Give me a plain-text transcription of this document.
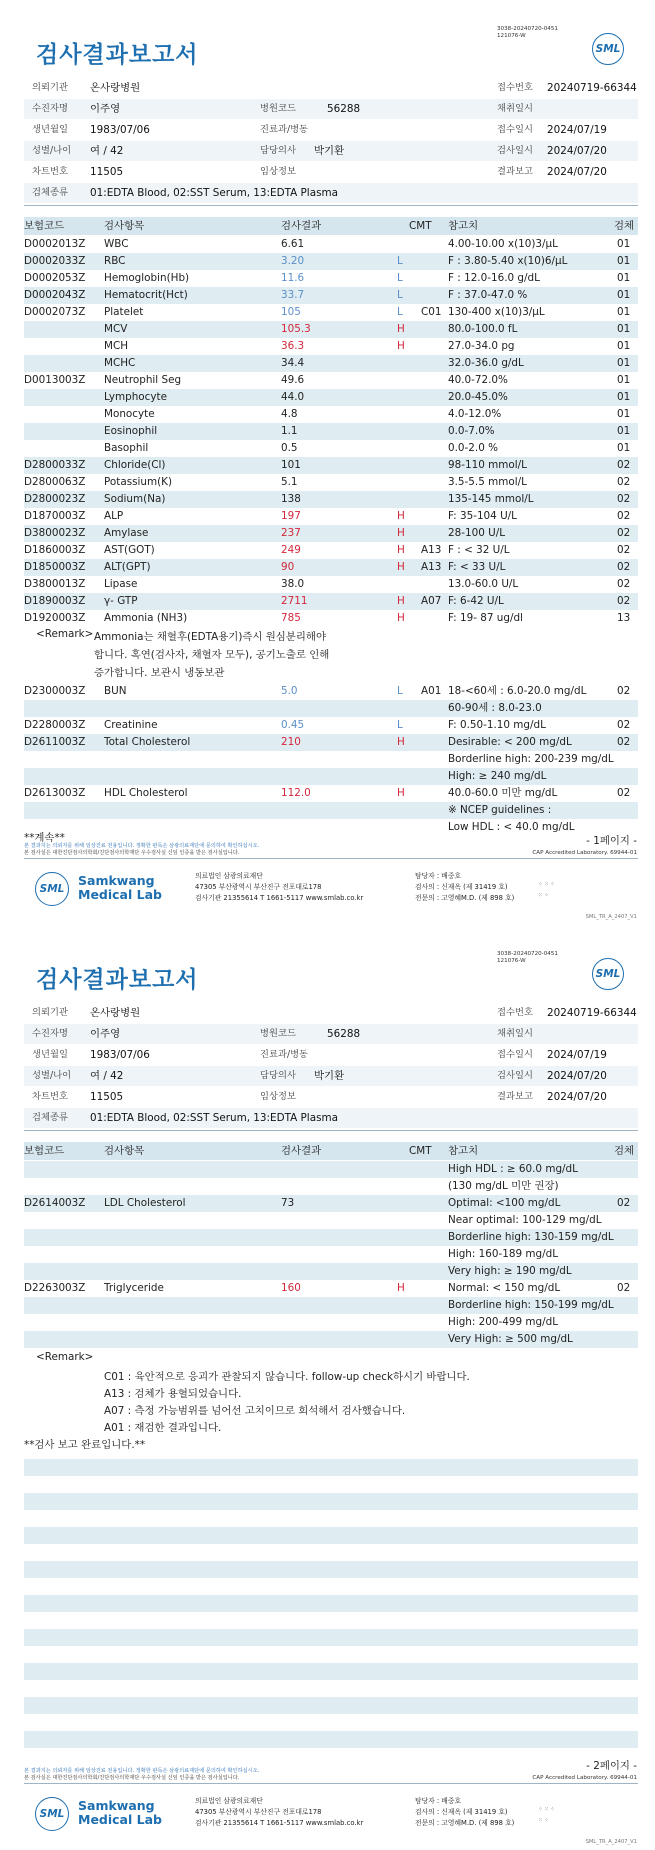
3038-20240720-0451
121076-W
검사결과보고서	SML
의뢰기관 온사랑병원	접수번호 20240719-66344
수진자명 이주영	병원코드	56288	채취일시
생년월일 1983/07/06	진료과/병동	접수일시 2024/07/19
성별/나이 여 / 42	담당의사 박기환	검사일시 2024/07/20
차트번호 11505	임상정보	결과보고 2024/07/20
검체종류 01:EDTA Blood, 02:SST Serum, 13:EDTA Plasma
보험코드	검사항목	검사결과	CMT 참고치	검체
D0002013Z WBC	6.61	4.00-10.00 x(10)3/μL	01
D0002033Z RBC	3.20	L	F : 3.80-5.40 x(10)6/μL	01
D0002053Z Hemoglobin(Hb)	11.6	L	F : 12.0-16.0 g/dL	01
D0002043Z Hematocrit(Hct)	33.7	L	F : 37.0-47.0 %	01
D0002073Z Platelet	105	L C01 130-400 x(10)3/μL	01
MCV	105.3	H	80.0-100.0 fL	01
MCH	36.3	H	27.0-34.0 pg	01
MCHC	34.4	32.0-36.0 g/dL	01
D0013003Z Neutrophil Seg	49.6	40.0-72.0%	01
Lymphocyte	44.0	20.0-45.0%	01
Monocyte	4.8	4.0-12.0%	01
Eosinophil	1.1	0.0-7.0%	01
Basophil	0.5	0.0-2.0 %	01
D2800033Z Chloride(Cl)	101	98-110 mmol/L	02
D2800063Z Potassium(K)	5.1	3.5-5.5 mmol/L	02
D2800023Z Sodium(Na)	138	135-145 mmol/L	02
D1870003Z ALP	197	H	F: 35-104 U/L	02
D3800023Z Amylase	237	H	28-100 U/L	02
D1860003Z AST(GOT)	249	H A13 F : < 32 U/L	02
D1850003Z ALT(GPT)	90	H A13 F: < 33 U/L	02
D3800013Z Lipase	38.0	13.0-60.0 U/L	02
D1890003Z γ- GTP	2711	H A07 F: 6-42 U/L	02
D1920003Z Ammonia (NH3)	785	H	F: 19- 87 ug/dl	13
<Remark> Ammonia는 채혈후(EDTA용기)즉시 원심분리해야
합니다. 혹연(검사자, 채혈자 모두), 공기노출로 인해
증가합니다. 보관시 냉동보관
D2300003Z BUN	5.0	L A01 18-<60세 : 6.0-20.0 mg/dL	02
60-90세 : 8.0-23.0
D2280003Z Creatinine	0.45	L	F: 0.50-1.10 mg/dL	02
D2611003Z Total Cholesterol	210	H	Desirable: < 200 mg/dL	02
Borderline high: 200-239 mg/dL
High: ≥ 240 mg/dL
D2613003Z HDL Cholesterol	112.0	H	40.0-60.0 미만 mg/dL	02
※ NCEP guidelines :
Low HDL : < 40.0 mg/dL
**계속**	- 1페이지 -
본 결과지는 의뢰자를 위해 임상진료 전용입니다. 정확한 판독은 삼광의료재단에 문의하여 확인하십시오.
본 검사실은 대한진단검사의학회/진단검사의학재단 우수검사실 신임 인증을 받은 검사실입니다.	CAP Accredited Laboratory. 69944-01
SML
Samkwang
Medical Lab
의료법인 삼광의료재단
47305 부산광역시 부산진구 전포대로178
검사기관 21355614 T 1661-5117 www.smlab.co.kr
탐당자 : 배중호
검사의 : 신재옥 (제 31419 호)
전문의 : 고영혜M.D. (제 898 호)
⁘⁙⁘
⁙⁘
SML_TR_A_2407_V1
3038-20240720-0451
121076-W
검사결과보고서	SML
의뢰기관 온사랑병원	접수번호 20240719-66344
수진자명 이주영	병원코드	56288	채취일시
생년월일 1983/07/06	진료과/병동	접수일시 2024/07/19
성별/나이 여 / 42	담당의사 박기환	검사일시 2024/07/20
차트번호 11505	임상정보	결과보고 2024/07/20
검체종류 01:EDTA Blood, 02:SST Serum, 13:EDTA Plasma
보험코드	검사항목	검사결과	CMT 참고치	검체
High HDL : ≥ 60.0 mg/dL
(130 mg/dL 미만 권장)
D2614003Z LDL Cholesterol	73	Optimal: <100 mg/dL	02
Near optimal: 100-129 mg/dL
Borderline high: 130-159 mg/dL
High: 160-189 mg/dL
Very high: ≥ 190 mg/dL
D2263003Z Triglyceride	160	H	Normal: < 150 mg/dL	02
Borderline high: 150-199 mg/dL
High: 200-499 mg/dL
Very High: ≥ 500 mg/dL
<Remark>
C01 : 육안적으로 응괴가 관찰되지 않습니다. follow-up check하시기 바랍니다.
A13 : 검체가 용혈되었습니다.
A07 : 측정 가능범위를 넘어선 고치이므로 희석해서 검사했습니다.
A01 : 재검한 결과입니다.
**검사 보고 완료입니다.**
- 2페이지 -
본 결과지는 의뢰자를 위해 임상진료 전용입니다. 정확한 판독은 삼광의료재단에 문의하여 확인하십시오.
본 검사실은 대한진단검사의학회/진단검사의학재단 우수검사실 신임 인증을 받은 검사실입니다.	CAP Accredited Laboratory. 69944-01
SML
Samkwang
Medical Lab
의료법인 삼광의료재단
47305 부산광역시 부산진구 전포대로178
검사기관 21355614 T 1661-5117 www.smlab.co.kr
탐당자 : 배중호
검사의 : 신재옥 (제 31419 호)
전문의 : 고영혜M.D. (제 898 호)
⁘⁙⁘
⁙⁘
SML_TR_A_2407_V1
